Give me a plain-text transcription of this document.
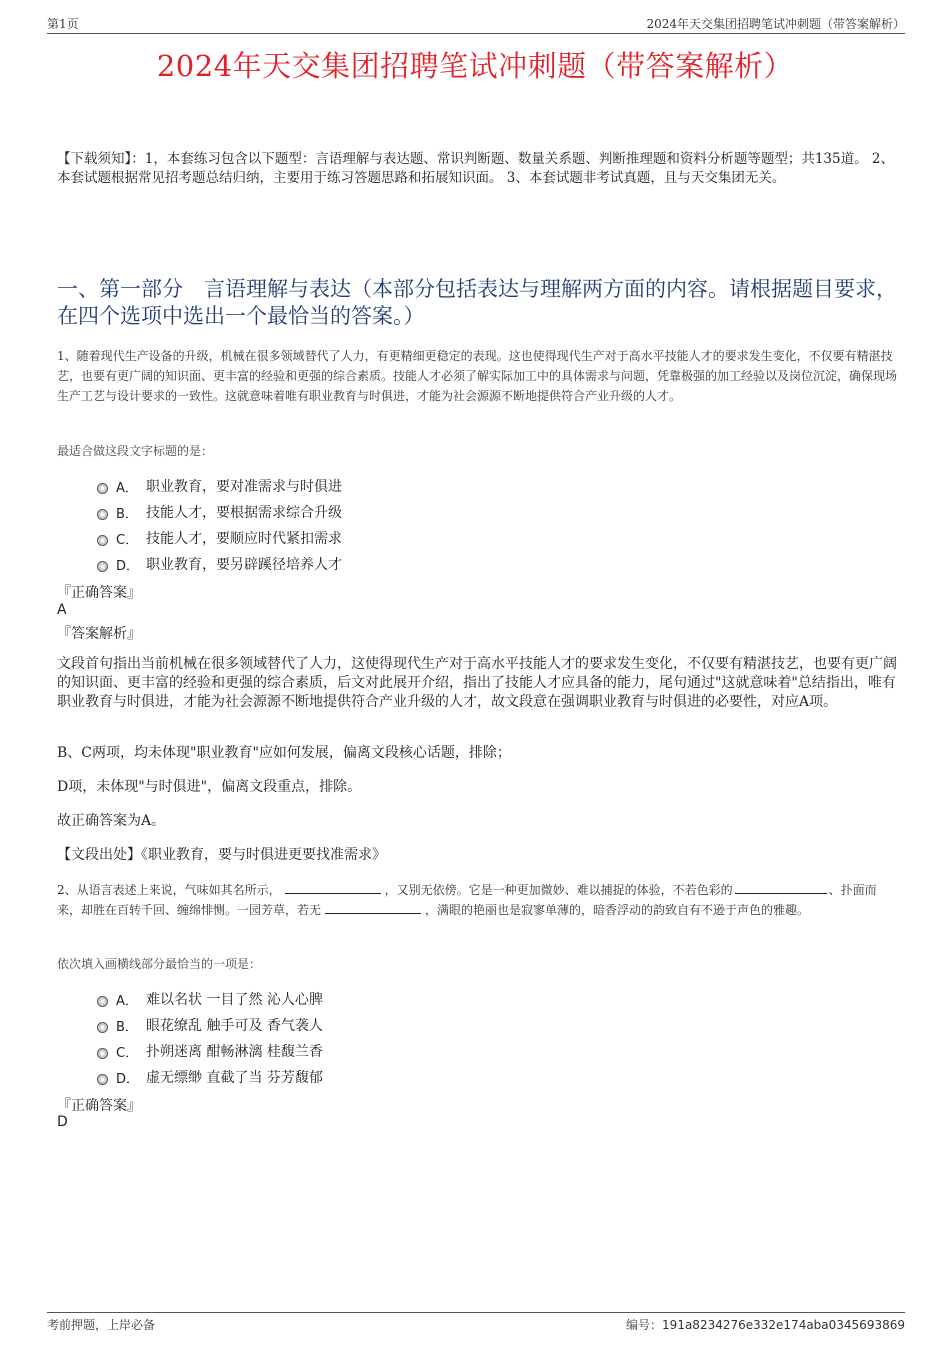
第1页	2024年天交集团招聘笔试冲刺题（带答案解析）
2024年天交集团招聘笔试冲刺题（带答案解析）
【下载须知】：1，本套练习包含以下题型：言语理解与表达题、常识判断题、数量关系题、判断推理题和资料分析题等题型；共135道。 2、本套试题根据常见招考题总结归纳，主要用于练习答题思路和拓展知识面。 3、本套试题非考试真题，且与天交集团无关。
一、第一部分　言语理解与表达（本部分包括表达与理解两方面的内容。请根据题目要求，在四个选项中选出一个最恰当的答案。）
1、随着现代生产设备的升级，机械在很多领域替代了人力，有更精细更稳定的表现。这也使得现代生产对于高水平技能人才的要求发生变化，不仅要有精湛技艺，也要有更广阔的知识面、更丰富的经验和更强的综合素质。技能人才必须了解实际加工中的具体需求与问题，凭靠极强的加工经验以及岗位沉淀，确保现场生产工艺与设计要求的一致性。这就意味着唯有职业教育与时俱进，才能为社会源源不断地提供符合产业升级的人才。
最适合做这段文字标题的是：
A． 职业教育，要对准需求与时俱进
B． 技能人才，要根据需求综合升级
C． 技能人才，要顺应时代紧扣需求
D． 职业教育，要另辟蹊径培养人才
『正确答案』
A
『答案解析』
文段首句指出当前机械在很多领域替代了人力，这使得现代生产对于高水平技能人才的要求发生变化，不仅要有精湛技艺，也要有更广阔的知识面、更丰富的经验和更强的综合素质，后文对此展开介绍，指出了技能人才应具备的能力，尾句通过"这就意味着"总结指出，唯有职业教育与时俱进，才能为社会源源不断地提供符合产业升级的人才，故文段意在强调职业教育与时俱进的必要性，对应A项。
B、C两项，均未体现"职业教育"应如何发展，偏离文段核心话题，排除；
D项，未体现"与时俱进"，偏离文段重点，排除。
故正确答案为A。
【文段出处】《职业教育，要与时俱进更要找准需求》
2、从语言表述上来说，气味如其名所示，	，又别无依傍。它是一种更加微妙、难以捕捉的体验，不若色彩的	、扑面而来，却胜在百转千回、缠绵悱恻。一园芳草，若无	，满眼的艳丽也是寂寥单薄的，暗香浮动的韵致自有不逊于声色的雅趣。
依次填入画横线部分最恰当的一项是：
A． 难以名状 一目了然 沁人心脾
B． 眼花缭乱 触手可及 香气袭人
C． 扑朔迷离 酣畅淋漓 桂馥兰香
D． 虚无缥缈 直截了当 芬芳馥郁
『正确答案』
D
考前押题，上岸必备	编号：191a8234276e332e174aba0345693869
